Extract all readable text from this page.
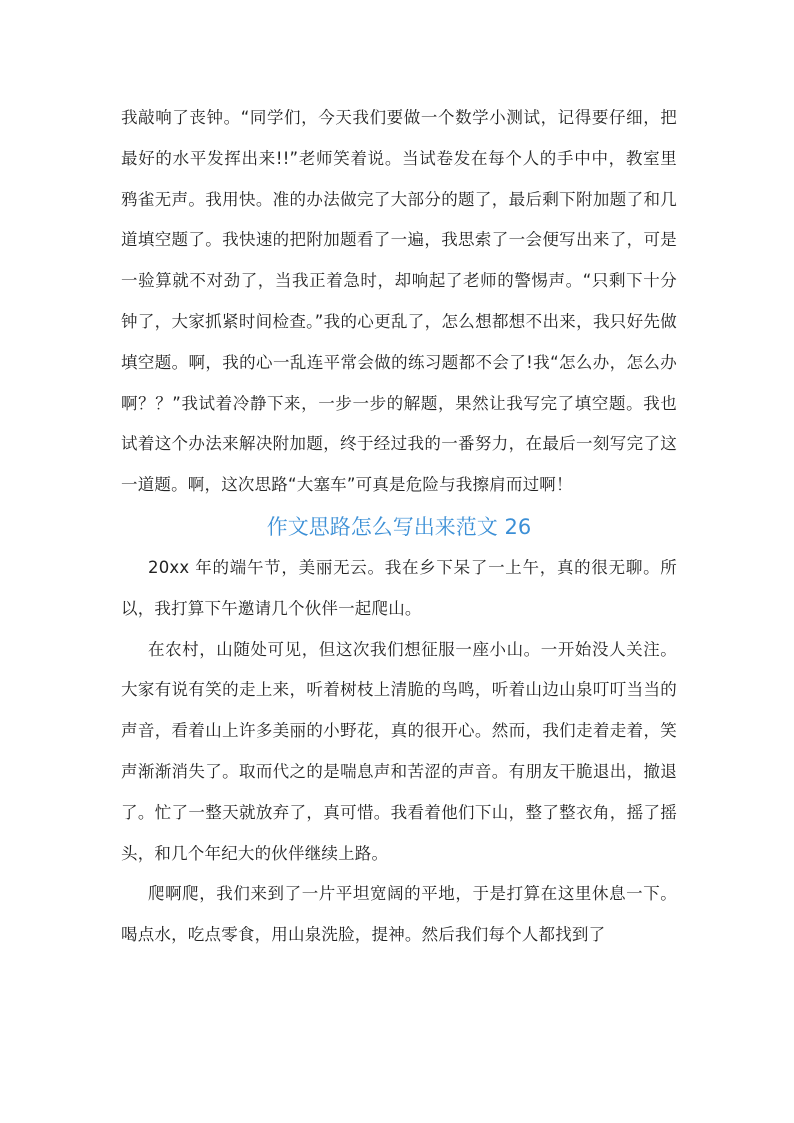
我敲响了丧钟。“同学们，今天我们要做一个数学小测试，记得要仔细，把最好的水平发挥出来!!”老师笑着说。当试卷发在每个人的手中中，教室里鸦雀无声。我用快。准的办法做完了大部分的题了，最后剩下附加题了和几道填空题了。我快速的把附加题看了一遍，我思索了一会便写出来了，可是一验算就不对劲了，当我正着急时，却响起了老师的警惕声。“只剩下十分钟了，大家抓紧时间检查。”我的心更乱了，怎么想都想不出来，我只好先做填空题。啊，我的心一乱连平常会做的练习题都不会了!我“怎么办，怎么办啊？？”我试着冷静下来，一步一步的解题，果然让我写完了填空题。我也试着这个办法来解决附加题，终于经过我的一番努力，在最后一刻写完了这一道题。啊，这次思路“大塞车”可真是危险与我擦肩而过啊！

作文思路怎么写出来范文 26

20xx 年的端午节，美丽无云。我在乡下呆了一上午，真的很无聊。所以，我打算下午邀请几个伙伴一起爬山。

在农村，山随处可见，但这次我们想征服一座小山。一开始没人关注。大家有说有笑的走上来，听着树枝上清脆的鸟鸣，听着山边山泉叮叮当当的声音，看着山上许多美丽的小野花，真的很开心。然而，我们走着走着，笑声渐渐消失了。取而代之的是喘息声和苦涩的声音。有朋友干脆退出，撤退了。忙了一整天就放弃了，真可惜。我看着他们下山，整了整衣角，摇了摇头，和几个年纪大的伙伴继续上路。

爬啊爬，我们来到了一片平坦宽阔的平地，于是打算在这里休息一下。喝点水，吃点零食，用山泉洗脸，提神。然后我们每个人都找到了
